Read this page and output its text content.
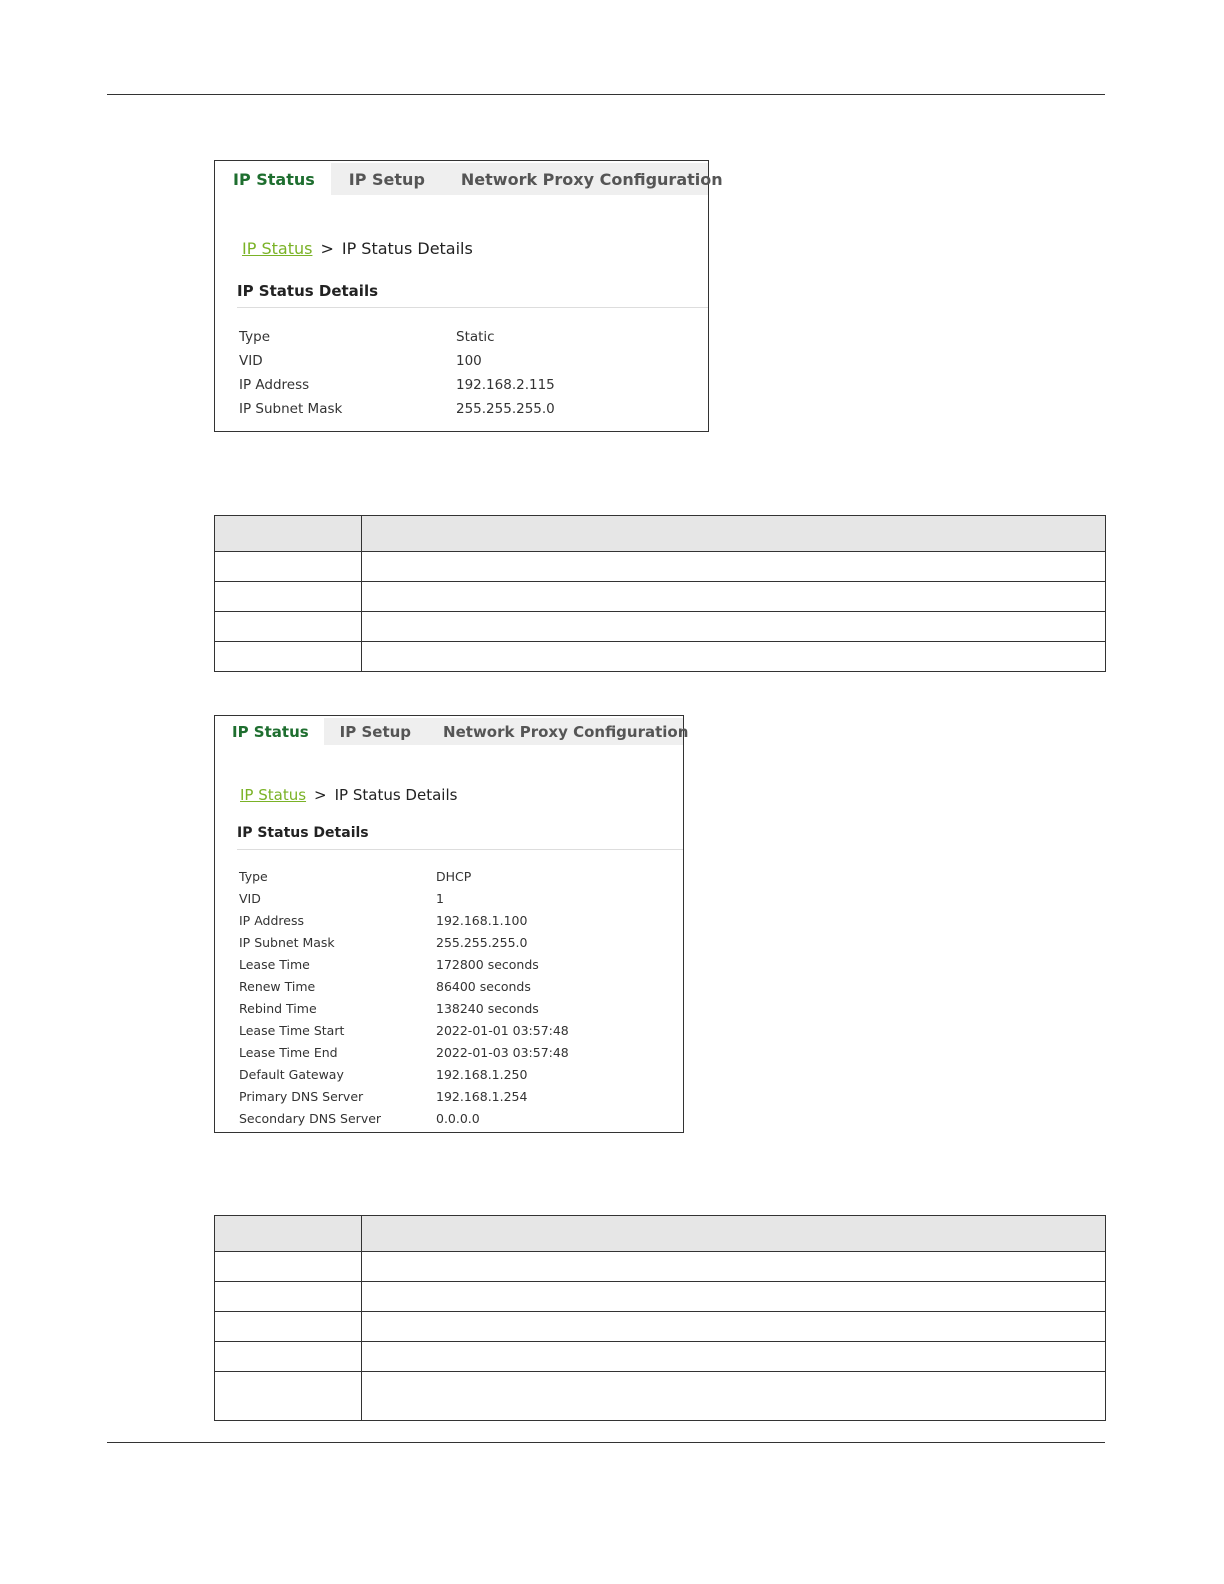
IP Status	IP Setup	Network Proxy Configuration
IP Status > IP Status Details
IP Status Details
Type	Static
VID	100
IP Address	192.168.2.115
IP Subnet Mask	255.255.255.0

IP Status	IP Setup	Network Proxy Configuration
IP Status > IP Status Details
IP Status Details
Type	DHCP
VID	1
IP Address	192.168.1.100
IP Subnet Mask	255.255.255.0
Lease Time	172800 seconds
Renew Time	86400 seconds
Rebind Time	138240 seconds
Lease Time Start	2022-01-01 03:57:48
Lease Time End	2022-01-03 03:57:48
Default Gateway	192.168.1.250
Primary DNS Server	192.168.1.254
Secondary DNS Server	0.0.0.0
